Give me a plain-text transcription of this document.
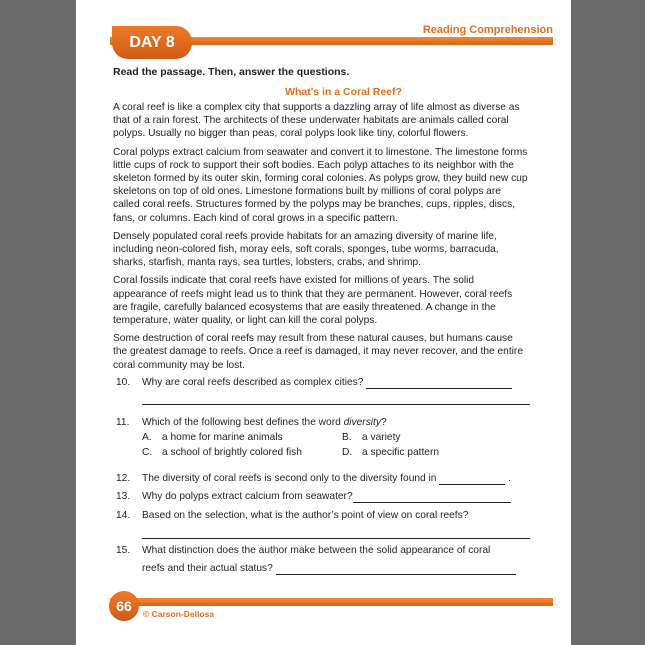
Reading Comprehension
DAY 8
Read the passage. Then, answer the questions.
What's in a Coral Reef?

A coral reef is like a complex city that supports a dazzling array of life almost as diverse as that of a rain forest. The architects of these underwater habitats are animals called coral polyps. Usually no bigger than peas, coral polyps look like tiny, colorful flowers.

Coral polyps extract calcium from seawater and convert it to limestone. The limestone forms little cups of rock to support their soft bodies. Each polyp attaches to its neighbor with the skeleton formed by its outer skin, forming coral colonies. As polyps grow, they build new cup skeletons on top of old ones. Limestone formations built by millions of coral polyps are called coral reefs. Structures formed by the polyps may be branches, cups, ripples, discs, fans, or columns. Each kind of coral grows in a specific pattern.

Densely populated coral reefs provide habitats for an amazing diversity of marine life, including neon-colored fish, moray eels, soft corals, sponges, tube worms, barracuda, sharks, starfish, manta rays, sea turtles, lobsters, crabs, and shrimp.

Coral fossils indicate that coral reefs have existed for millions of years. The solid appearance of reefs might lead us to think that they are permanent. However, coral reefs are fragile, carefully balanced ecosystems that are easily threatened. A change in the temperature, water quality, or light can kill the coral polyps.

Some destruction of coral reefs may result from these natural causes, but humans cause the greatest damage to reefs. Once a reef is damaged, it may never recover, and the entire coral community may be lost.

10. Why are coral reefs described as complex cities?
11. Which of the following best defines the word diversity?
A. a home for marine animals	B. a variety
C. a school of brightly colored fish	D. a specific pattern
12. The diversity of coral reefs is second only to the diversity found in	.
13. Why do polyps extract calcium from seawater?
14. Based on the selection, what is the author’s point of view on coral reefs?
15. What distinction does the author make between the solid appearance of coral
reefs and their actual status?
66	© Carson-Dellosa
